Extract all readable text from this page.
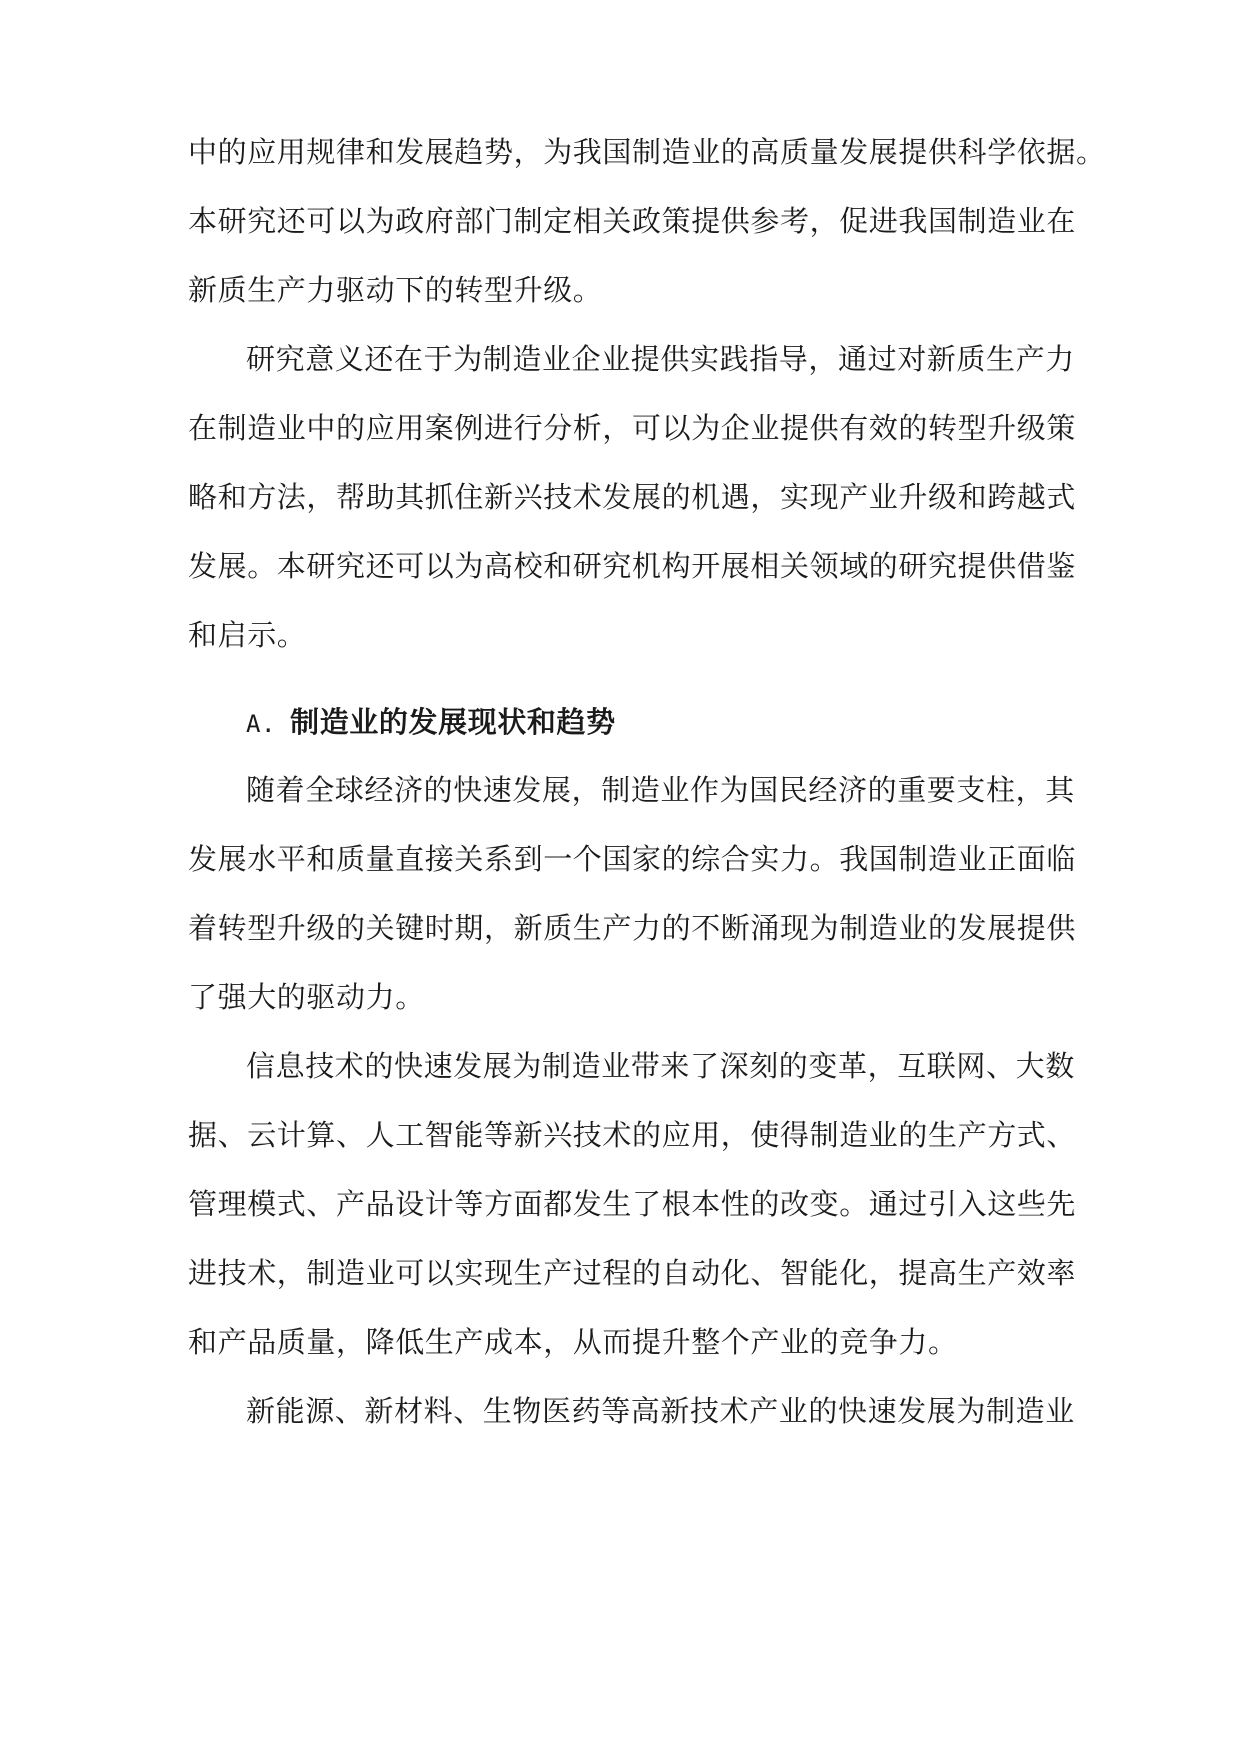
中的应用规律和发展趋势，为我国制造业的高质量发展提供科学依据。

本研究还可以为政府部门制定相关政策提供参考，促进我国制造业在

新质生产力驱动下的转型升级。

研究意义还在于为制造业企业提供实践指导，通过对新质生产力

在制造业中的应用案例进行分析，可以为企业提供有效的转型升级策

略和方法，帮助其抓住新兴技术发展的机遇，实现产业升级和跨越式

发展。本研究还可以为高校和研究机构开展相关领域的研究提供借鉴

和启示。

A. 制造业的发展现状和趋势

随着全球经济的快速发展，制造业作为国民经济的重要支柱，其

发展水平和质量直接关系到一个国家的综合实力。我国制造业正面临

着转型升级的关键时期，新质生产力的不断涌现为制造业的发展提供

了强大的驱动力。

信息技术的快速发展为制造业带来了深刻的变革，互联网、大数

据、云计算、人工智能等新兴技术的应用，使得制造业的生产方式、

管理模式、产品设计等方面都发生了根本性的改变。通过引入这些先

进技术，制造业可以实现生产过程的自动化、智能化，提高生产效率

和产品质量，降低生产成本，从而提升整个产业的竞争力。

新能源、新材料、生物医药等高新技术产业的快速发展为制造业
